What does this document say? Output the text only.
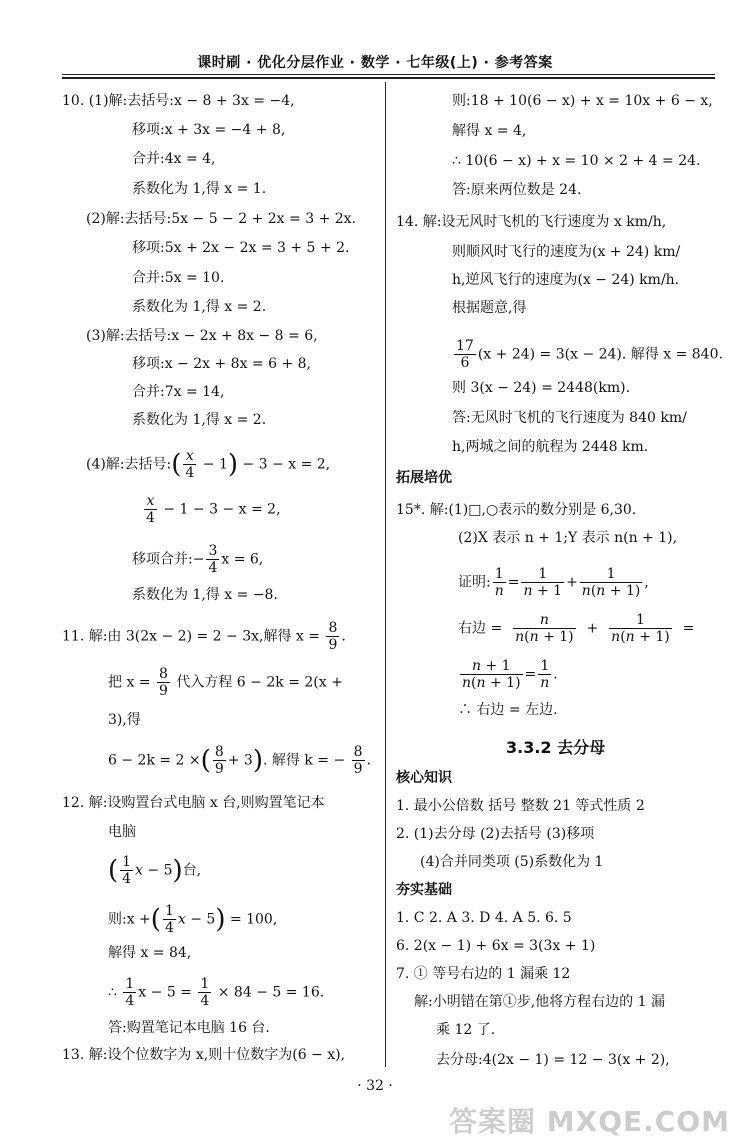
课时刷 · 优化分层作业 · 数学 · 七年级(上) · 参考答案
10. (1)解:去括号:x − 8 + 3x = −4,
移项:x + 3x = −4 + 8,
合并:4x = 4,
系数化为 1,得 x = 1.
(2)解:去括号:5x − 5 − 2 + 2x = 3 + 2x.
移项:5x + 2x − 2x = 3 + 5 + 2.
合并:5x = 10.
系数化为 1,得 x = 2.
(3)解:去括号:x − 2x + 8x − 8 = 6,
移项:x − 2x + 8x = 6 + 8,
合并:7x = 14,
系数化为 1,得 x = 2.
(4)解:去括号:( $\frac{x}{4} - 1) - 3 - x = 2$,
$\frac{x}{4} - 1 - 3 - x = 2$,
移项合并:− $\frac{3}{4}$ x = 6,
系数化为 1,得 x = −8.
11. 解:由 3(2x − 2) = 2 − 3x,解得 $x = \frac{8}{9}$ .
把 $x = \frac{8}{9}$ 代入方程 6 − 2k = 2(x +
3),得
6 − 2k = 2 ×( $\frac{8}{9} + 3$). 解得 k = − $\frac{8}{9}$ .
12. 解:设购置台式电脑 x 台,则购置笔记本
电脑
( $\frac{1}{4}$ x − 5)台,
则:x +( $\frac{1}{4}$ x − 5) = 100,
解得 x = 84,
∴ $\frac{1}{4}$ $x - 5 = \frac{1}{4} \times 84 - 5 = 16$.
答:购置笔记本电脑 16 台.
13. 解:设个位数字为 x,则十位数字为(6 − x),
则:18 + 10(6 − x) + x = 10x + 6 − x,
解得 x = 4,
∴ 10(6 − x) + x = 10 × 2 + 4 = 24.
答:原来两位数是 24.
14. 解:设无风时飞机的飞行速度为 x km/h,
则顺风时飞行的速度为(x + 24) km/
h,逆风飞行的速度为(x − 24) km/h.
根据题意,得
$\frac{17}{6} (x + 24) = 3(x - 24)$. 解得 x = 840.
则 3(x − 24) = 2448(km).
答:无风时飞机的飞行速度为 840 km/
h,两城之间的航程为 2448 km.
拓展培优
15*. 解:(1)□,○表示的数分别是 6,30.
(2)X 表示 n + 1;Y 表示 n(n + 1),
证明: $\frac{1}{n} = \frac{1}{n + 1} + \frac{1}{n(n + 1)}$ ,
右边 = $\frac{n}{n(n + 1)} + \frac{1}{n(n + 1)}$ =
$\frac{n + 1}{n(n + 1)} = \frac{1}{n}$ .
∴ 右边 = 左边.
3.3.2 去分母
核心知识
1. 最小公倍数 括号 整数 21 等式性质 2
2. (1)去分母 (2)去括号 (3)移项
(4)合并同类项 (5)系数化为 1
夯实基础
1. C 2. A 3. D 4. A 5. 6. 5
6. 2(x − 1) + 6x = 3(3x + 1)
7. ① 等号右边的 1 漏乘 12
解:小明错在第①步,他将方程右边的 1 漏
乘 12 了.
去分母:4(2x − 1) = 12 − 3(x + 2),
· 32 ·
答案圈 MXQE.COM
